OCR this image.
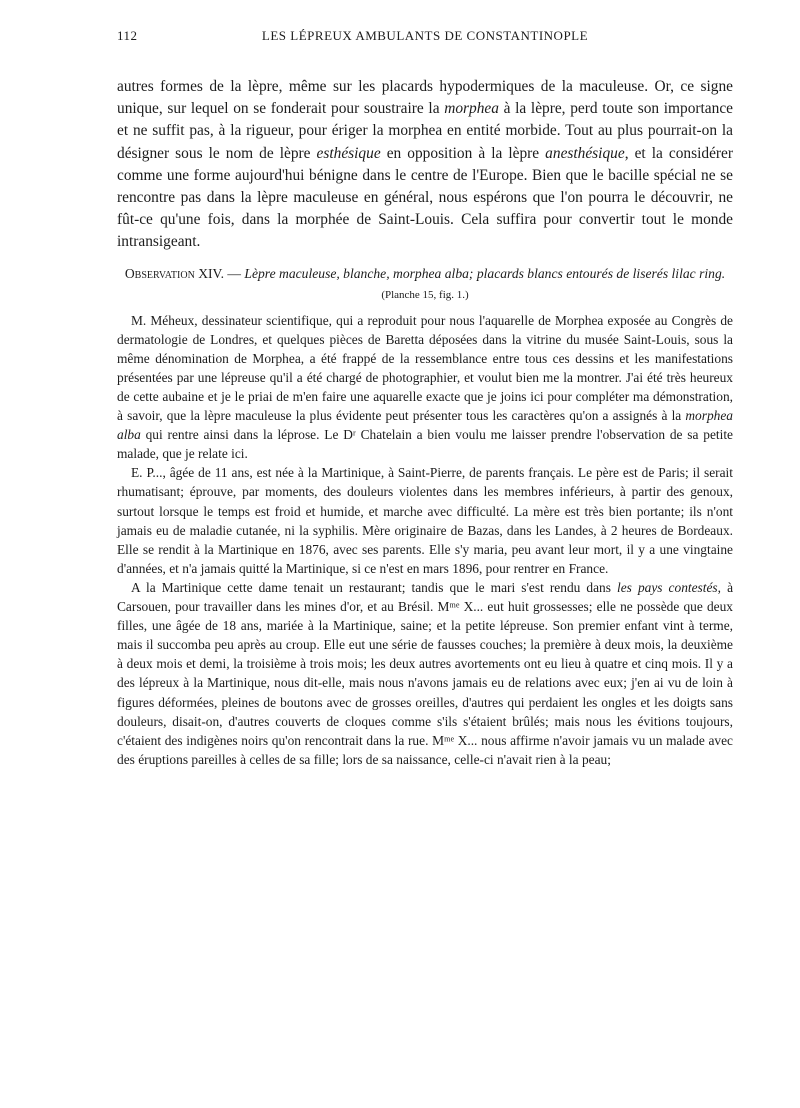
112	LES LÉPREUX AMBULANTS DE CONSTANTINOPLE

autres formes de la lèpre, même sur les placards hypodermiques de la maculeuse. Or, ce signe unique, sur lequel on se fonderait pour soustraire la morphea à la lèpre, perd toute son importance et ne suffit pas, à la rigueur, pour ériger la morphea en entité morbide. Tout au plus pourrait-on la désigner sous le nom de lèpre esthésique en opposition à la lèpre anesthésique, et la considérer comme une forme aujourd'hui bénigne dans le centre de l'Europe. Bien que le bacille spécial ne se rencontre pas dans la lèpre maculeuse en général, nous espérons que l'on pourra le découvrir, ne fût-ce qu'une fois, dans la morphée de Saint-Louis. Cela suffira pour convertir tout le monde intransigeant.

Observation XIV. — Lèpre maculeuse, blanche, morphea alba; placards blancs entourés de liserés lilac ring.
(Planche 15, fig. 1.)

M. Méheux, dessinateur scientifique, qui a reproduit pour nous l'aquarelle de Morphea exposée au Congrès de dermatologie de Londres, et quelques pièces de Baretta déposées dans la vitrine du musée Saint-Louis, sous la même dénomination de Morphea, a été frappé de la ressemblance entre tous ces dessins et les manifestations présentées par une lépreuse qu'il a été chargé de photographier, et voulut bien me la montrer. J'ai été très heureux de cette aubaine et je le priai de m'en faire une aquarelle exacte que je joins ici pour compléter ma démonstration, à savoir, que la lèpre maculeuse la plus évidente peut présenter tous les caractères qu'on a assignés à la morphea alba qui rentre ainsi dans la léprose. Le Dʳ Chatelain a bien voulu me laisser prendre l'observation de sa petite malade, que je relate ici.

E. P..., âgée de 11 ans, est née à la Martinique, à Saint-Pierre, de parents français. Le père est de Paris; il serait rhumatisant; éprouve, par moments, des douleurs violentes dans les membres inférieurs, à partir des genoux, surtout lorsque le temps est froid et humide, et marche avec difficulté. La mère est très bien portante; ils n'ont jamais eu de maladie cutanée, ni la syphilis. Mère originaire de Bazas, dans les Landes, à 2 heures de Bordeaux. Elle se rendit à la Martinique en 1876, avec ses parents. Elle s'y maria, peu avant leur mort, il y a une vingtaine d'années, et n'a jamais quitté la Martinique, si ce n'est en mars 1896, pour rentrer en France.

A la Martinique cette dame tenait un restaurant; tandis que le mari s'est rendu dans les pays contestés, à Carsouen, pour travailler dans les mines d'or, et au Brésil. Mᵐᵉ X... eut huit grossesses; elle ne possède que deux filles, une âgée de 18 ans, mariée à la Martinique, saine; et la petite lépreuse. Son premier enfant vint à terme, mais il succomba peu après au croup. Elle eut une série de fausses couches; la première à deux mois, la deuxième à deux mois et demi, la troisième à trois mois; les deux autres avortements ont eu lieu à quatre et cinq mois. Il y a des lépreux à la Martinique, nous dit-elle, mais nous n'avons jamais eu de relations avec eux; j'en ai vu de loin à figures déformées, pleines de boutons avec de grosses oreilles, d'autres qui perdaient les ongles et les doigts sans douleurs, disait-on, d'autres couverts de cloques comme s'ils s'étaient brûlés; mais nous les évitions toujours, c'étaient des indigènes noirs qu'on rencontrait dans la rue. Mᵐᵉ X... nous affirme n'avoir jamais vu un malade avec des éruptions pareilles à celles de sa fille; lors de sa naissance, celle-ci n'avait rien à la peau;
